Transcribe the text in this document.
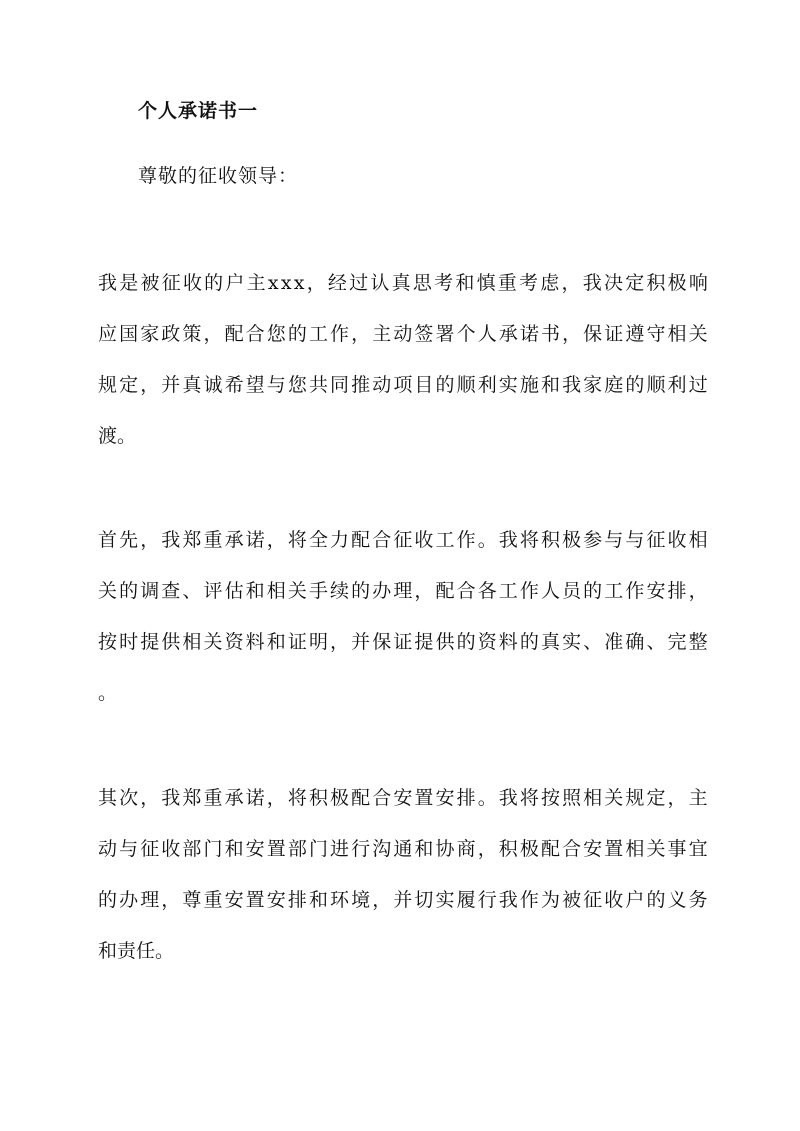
个人承诺书一
尊敬的征收领导：
我 是 被 征 收 的 户 主 x x x ， 经 过 认 真 思 考 和 慎 重 考 虑 ， 我 决 定 积 极 响
应 国 家 政 策 ， 配 合 您 的 工 作 ， 主 动 签 署 个 人 承 诺 书 ， 保 证 遵 守 相 关
规 定 ， 并 真 诚 希 望 与 您 共 同 推 动 项 目 的 顺 利 实 施 和 我 家 庭 的 顺 利 过
渡。
首 先 ， 我 郑 重 承 诺 ， 将 全 力 配 合 征 收 工 作 。 我 将 积 极 参 与 与 征 收 相
关 的 调 查 、 评 估 和 相 关 手 续 的 办 理 ， 配 合 各 工 作 人 员 的 工 作 安 排 ，
按 时 提 供 相 关 资 料 和 证 明 ， 并 保 证 提 供 的 资 料 的 真 实 、 准 确 、 完 整
。
其 次 ， 我 郑 重 承 诺 ， 将 积 极 配 合 安 置 安 排 。 我 将 按 照 相 关 规 定 ， 主
动 与 征 收 部 门 和 安 置 部 门 进 行 沟 通 和 协 商 ， 积 极 配 合 安 置 相 关 事 宜
的 办 理 ， 尊 重 安 置 安 排 和 环 境 ， 并 切 实 履 行 我 作 为 被 征 收 户 的 义 务
和责任。
